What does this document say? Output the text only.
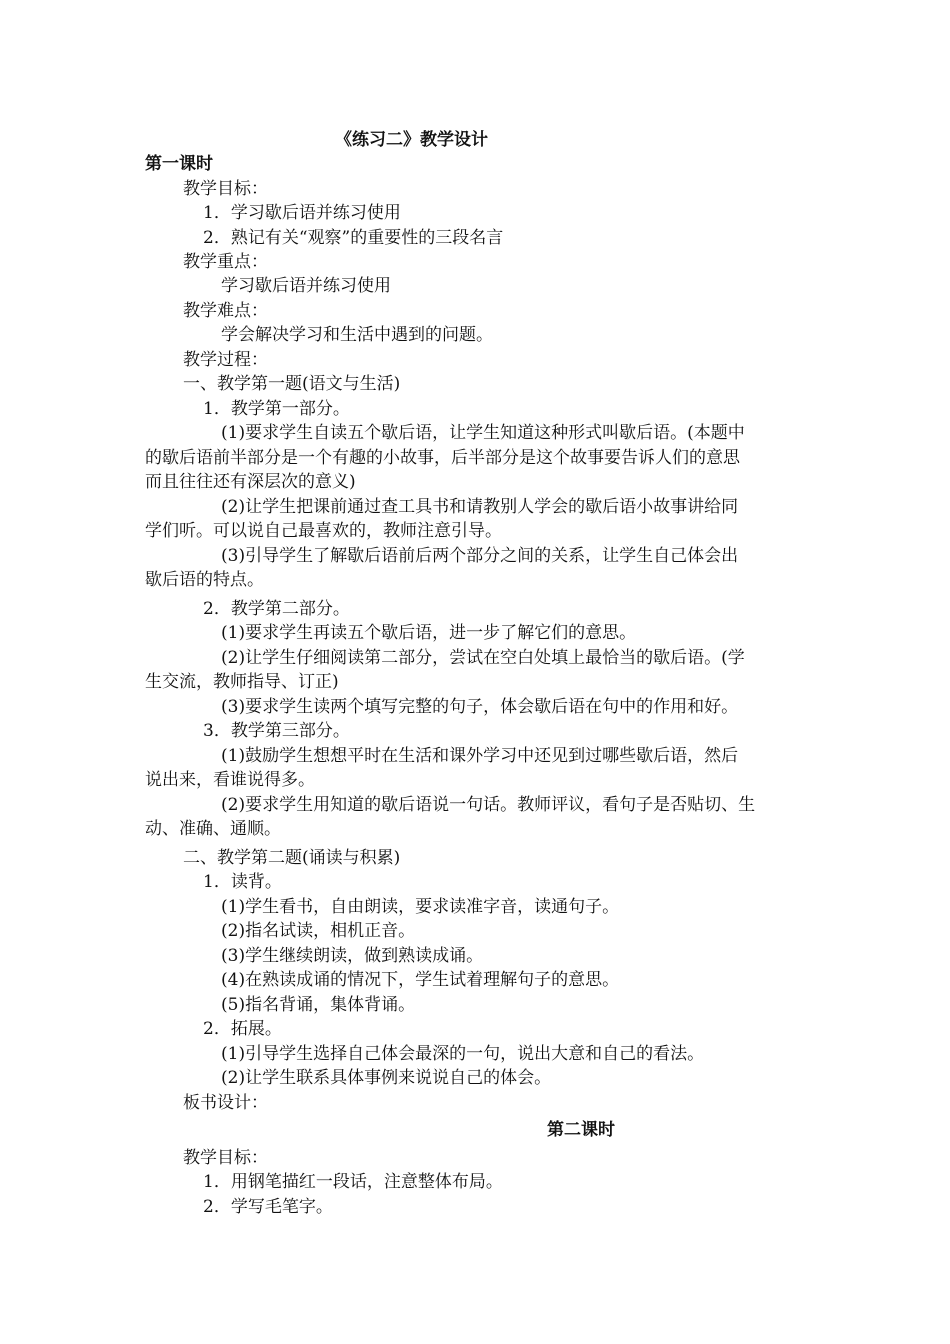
《练习二》教学设计
第一课时
教学目标：
1．学习歇后语并练习使用
2．熟记有关“观察”的重要性的三段名言
教学重点：
学习歇后语并练习使用
教学难点：
学会解决学习和生活中遇到的问题。
教学过程：
一、教学第一题(语文与生活)
1．教学第一部分。
(1)要求学生自读五个歇后语，让学生知道这种形式叫歇后语。(本题中
的歇后语前半部分是一个有趣的小故事，后半部分是这个故事要告诉人们的意思
而且往往还有深层次的意义)
(2)让学生把课前通过查工具书和请教别人学会的歇后语小故事讲给同
学们听。可以说自己最喜欢的，教师注意引导。
(3)引导学生了解歇后语前后两个部分之间的关系，让学生自己体会出
歇后语的特点。
2．教学第二部分。
(1)要求学生再读五个歇后语，进一步了解它们的意思。
(2)让学生仔细阅读第二部分，尝试在空白处填上最恰当的歇后语。(学
生交流，教师指导、订正)
(3)要求学生读两个填写完整的句子，体会歇后语在句中的作用和好。
3．教学第三部分。
(1)鼓励学生想想平时在生活和课外学习中还见到过哪些歇后语，然后
说出来，看谁说得多。
(2)要求学生用知道的歇后语说一句话。教师评议，看句子是否贴切、生
动、准确、通顺。
二、教学第二题(诵读与积累)
1．读背。
(1)学生看书，自由朗读，要求读准字音，读通句子。
(2)指名试读，相机正音。
(3)学生继续朗读，做到熟读成诵。
(4)在熟读成诵的情况下，学生试着理解句子的意思。
(5)指名背诵，集体背诵。
2．拓展。
(1)引导学生选择自己体会最深的一句，说出大意和自己的看法。
(2)让学生联系具体事例来说说自己的体会。
板书设计：
第二课时
教学目标：
1．用钢笔描红一段话，注意整体布局。
2．学写毛笔字。
